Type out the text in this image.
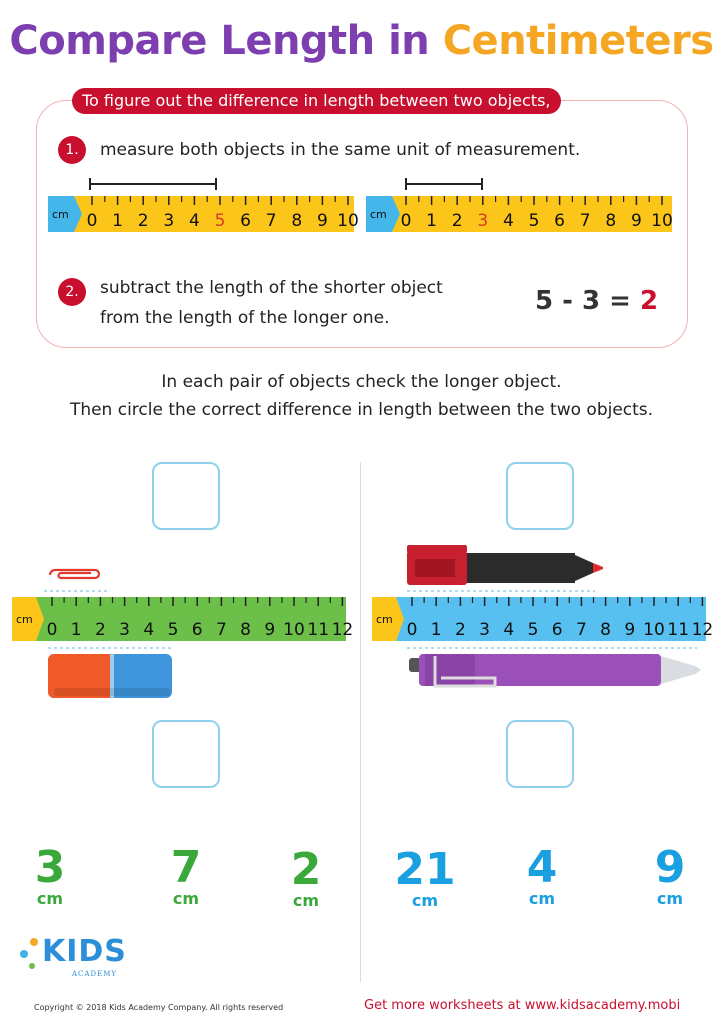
Compare Length in Centimeters
To figure out the difference in length between two objects,
1.	measure both objects in the same unit of measurement.
cm 0 1 2 3 4 5 6 7 8 9 10 cm 0 1 2 3 4 5 6 7 8 9 10
2.	subtract the length of the shorter object
from the length of the longer one.
5 - 3 = 2
In each pair of objects check the longer object.
Then circle the correct difference in length between the two objects.
cm
0 1 2 3 4 5 6 7 8 9 10 11 12
cm
0 1 2 3 4 5 6 7 8 9 10 11 12
3
cm
7
cm
2
cm
21
cm
4
cm
9
cm
KIDS
ACADEMY
Copyright © 2018 Kids Academy Company. All rights reserved	Get more worksheets at www.kidsacademy.mobi
